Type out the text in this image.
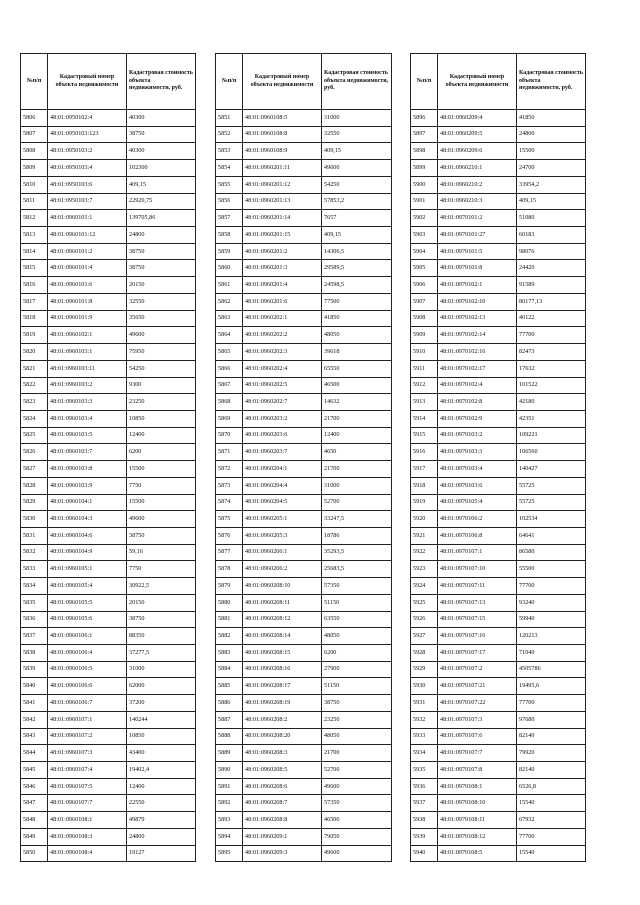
№п/п	Кадастровый номер объекта недвижимости	Кадастровая стоимость объекта недвижимости, руб.
5806	48:01:0950102:4	40300
5807	48:01:0950103:123	38750
5808	48:01:0950103:2	40300
5809	48:01:0950103:4	102300
5810	48:01:0950103:6	409,15
5811	48:01:0950103:7	22920,75
5812	48:01:0960101:1	139705,86
5813	48:01:0960101:12	24800
5814	48:01:0960101:2	38750
5815	48:01:0960101:4	38750
5816	48:01:0960101:6	20150
5817	48:01:0960101:8	32550
5818	48:01:0960101:9	35650
5819	48:01:0960102:1	49600
5820	48:01:0960103:1	75950
5821	48:01:0960103:11	54250
5822	48:01:0960103:2	9300
5823	48:01:0960103:3	23250
5824	48:01:0960103:4	10850
5825	48:01:0960103:5	12400
5826	48:01:0960103:7	6200
5827	48:01:0960103:8	15500
5828	48:01:0960103:9	7750
5829	48:01:0960104:1	15500
5830	48:01:0960104:3	49600
5831	48:01:0960104:6	38750
5832	48:01:0960104:9	59,16
5833	48:01:0960105:1	7750
5834	48:01:0960105:4	30922,5
5835	48:01:0960105:5	20150
5836	48:01:0960105:6	38750
5837	48:01:0960106:1	88350
5838	48:01:0960106:4	37277,5
5839	48:01:0960106:5	31000
5840	48:01:0960106:6	62000
5841	48:01:0960106:7	37200
5842	48:01:0960107:1	140244
5843	48:01:0960107:2	10850
5844	48:01:0960107:3	43400
5845	48:01:0960107:4	19402,4
5846	48:01:0960107:5	12400
5847	48:01:0960107:7	22550
5848	48:01:0960108:1	49879
5849	48:01:0960108:3	24800
5850	48:01:0960108:4	19127
№п/п	Кадастровый номер объекта недвижимости	Кадастровая стоимость объекта недвижимости, руб.
5851	48:01:0960108:5	31000
5852	48:01:0960108:8	32550
5853	48:01:0960108:9	409,15
5854	48:01:0960201:11	49600
5855	48:01:0960201:12	54250
5856	48:01:0960201:13	57853,2
5857	48:01:0960201:14	7657
5858	48:01:0960201:15	409,15
5859	48:01:0960201:2	14306,5
5860	48:01:0960201:3	29589,5
5861	48:01:0960201:4	24598,5
5862	48:01:0960201:6	77500
5863	48:01:0960202:1	41850
5864	48:01:0960202:2	48050
5865	48:01:0960202:3	39618
5866	48:01:0960202:4	65550
5867	48:01:0960202:5	46500
5868	48:01:0960202:7	14632
5869	48:01:0960203:2	21700
5870	48:01:0960203:6	12400
5871	48:01:0960203:7	4650
5872	48:01:0960204:1	21700
5873	48:01:0960204:4	31000
5874	48:01:0960204:5	52700
5875	48:01:0960205:1	33247,5
5876	48:01:0960205:3	18786
5877	48:01:0960206:1	35293,5
5878	48:01:0960206:2	25683,5
5879	48:01:0960208:10	57350
5880	48:01:0960208:11	51150
5881	48:01:0960208:12	63550
5882	48:01:0960208:14	48050
5883	48:01:0960208:15	6200
5884	48:01:0960208:16	27900
5885	48:01:0960208:17	51150
5886	48:01:0960208:19	38750
5887	48:01:0960208:2	23250
5888	48:01:0960208:20	48050
5889	48:01:0960208:3	21700
5890	48:01:0960208:5	52700
5891	48:01:0960208:6	49600
5892	48:01:0960208:7	57350
5893	48:01:0960208:8	46500
5894	48:01:0960209:1	79050
5895	48:01:0960209:3	49600
№п/п	Кадастровый номер объекта недвижимости	Кадастровая стоимость объекта недвижимости, руб.
5896	48:01:0960209:4	41850
5897	48:01:0960209:5	24800
5898	48:01:0960209:6	15500
5899	48:01:0960210:1	24700
5900	48:01:0960210:2	33954,2
5901	48:01:0960210:3	409,15
5902	48:01:0970101:2	51080
5903	48:01:0970101:27	60183
5904	48:01:0970101:5	98076
5905	48:01:0970101:8	24420
5906	48:01:0970102:1	91589
5907	48:01:0970102:10	80177,13
5908	48:01:0970102:13	40122
5909	48:01:0970102:14	77700
5910	48:01:0970102:16	82473
5911	48:01:0970102:17	17632
5912	48:01:0970102:4	101522
5913	48:01:0970102:8	42180
5914	48:01:0970102:9	42351
5915	48:01:0970103:2	109221
5916	48:01:0970103:3	106560
5917	48:01:0970103:4	140427
5918	48:01:0970103:6	55725
5919	48:01:0970105:4	55725
5920	48:01:0970106:2	102534
5921	48:01:0970106:8	64641
5922	48:01:0970107:1	86580
5923	48:01:0970107:10	55500
5924	48:01:0970107:11	77700
5925	48:01:0970107:13	93240
5926	48:01:0970107:15	59940
5927	48:01:0970107:16	120213
5928	48:01:0970107:17	71040
5929	48:01:0970107:2	4505786
5930	48:01:0970107:21	19495,6
5931	48:01:0970107:22	77700
5932	48:01:0970107:3	97680
5933	48:01:0970107:6	82140
5934	48:01:0970107:7	79920
5935	48:01:0970107:8	82140
5936	48:01:0970108:1	6526,8
5937	48:01:0970108:10	15540
5938	48:01:0970108:11	67932
5939	48:01:0970108:12	77700
5940	48:01:0970108:5	15540
